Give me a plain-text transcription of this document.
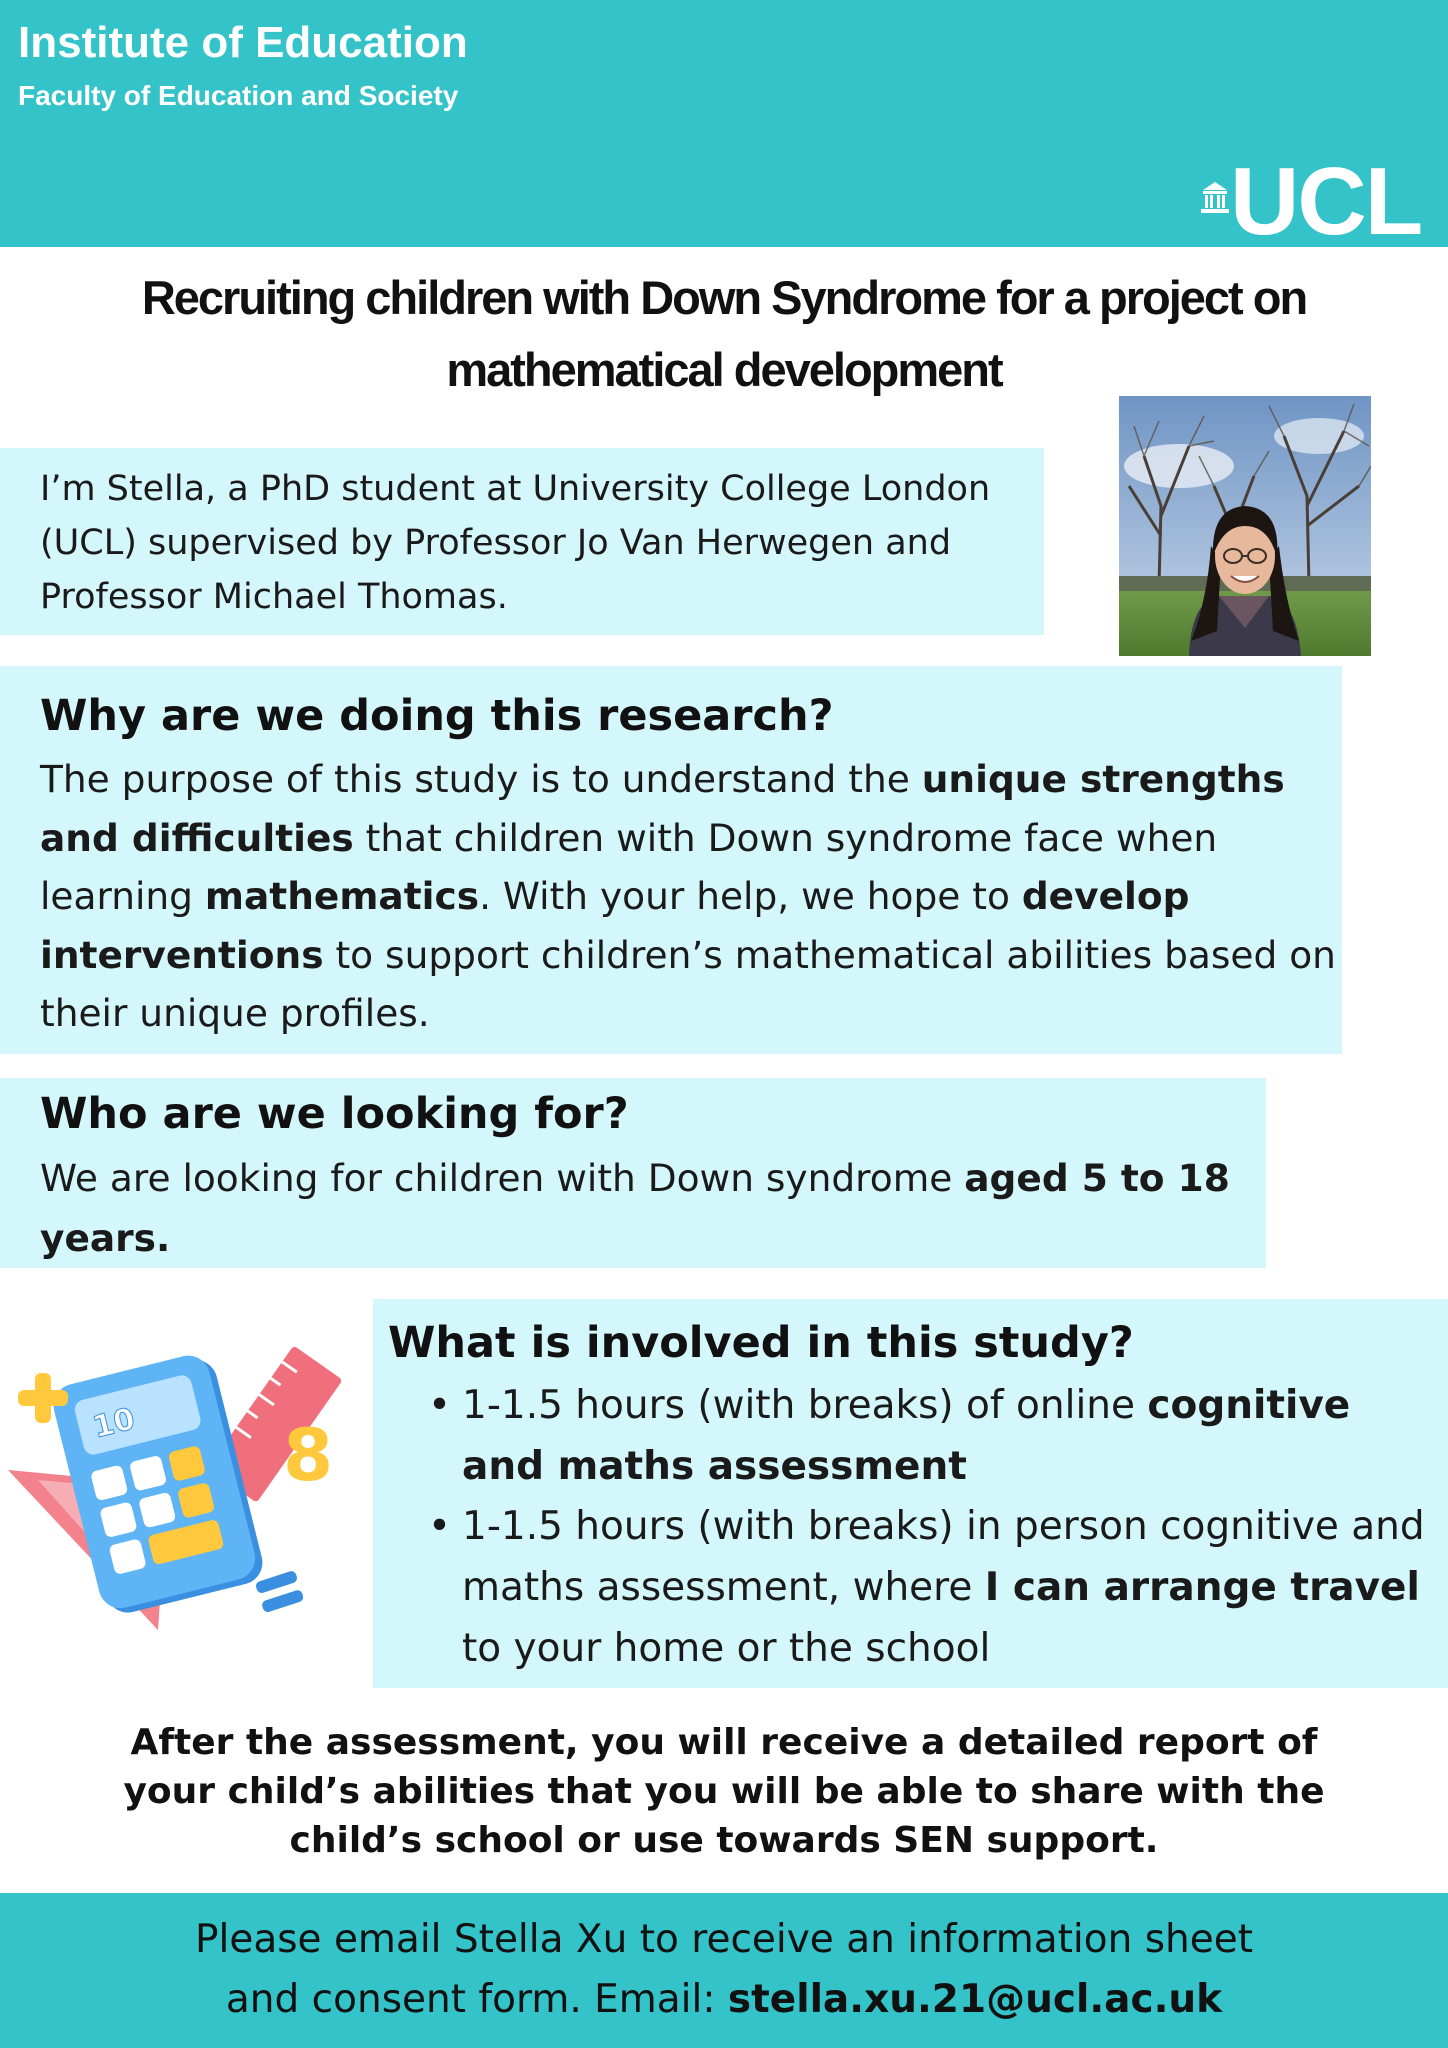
Institute of Education
Faculty of Education and Society
UCL
Recruiting children with Down Syndrome for a project on
mathematical development
I’m Stella, a PhD student at University College London (UCL) supervised by Professor Jo Van Herwegen and Professor Michael Thomas.
Why are we doing this research?
The purpose of this study is to understand the unique strengths and difficulties that children with Down syndrome face when learning mathematics. With your help, we hope to develop interventions to support children’s mathematical abilities based on their unique profiles.
Who are we looking for?
We are looking for children with Down syndrome aged 5 to 18 years.
10 8
What is involved in this study?
• 1-1.5 hours (with breaks) of online cognitive and maths assessment
• 1-1.5 hours (with breaks) in person cognitive and maths assessment, where I can arrange travel to your home or the school
After the assessment, you will receive a detailed report of your child’s abilities that you will be able to share with the child’s school or use towards SEN support.
Please email Stella Xu to receive an information sheet
and consent form. Email: stella.xu.21@ucl.ac.uk
